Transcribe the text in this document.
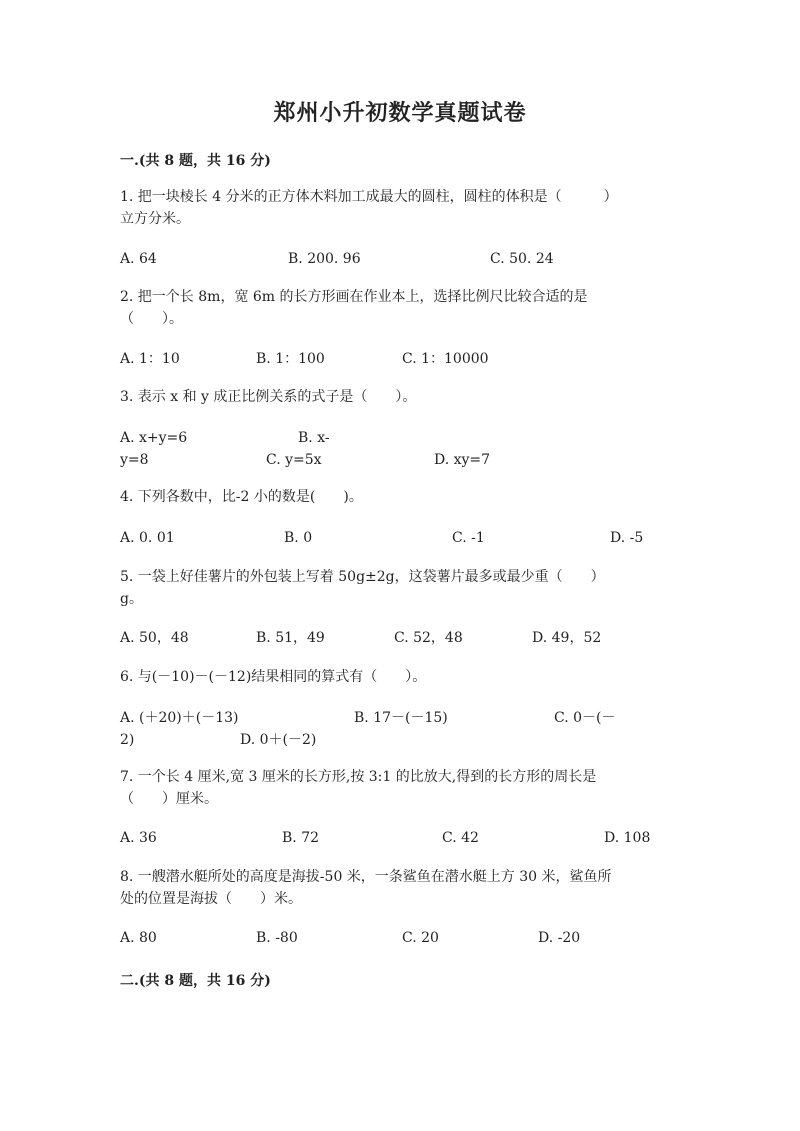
郑州小升初数学真题试卷
一.(共 8 题，共 16 分)
1. 把一块棱长 4 分米的正方体木料加工成最大的圆柱，圆柱的体积是（　　　）
立方分米。
A. 64	B. 200. 96	C. 50. 24
2. 把一个长 8m，宽 6m 的长方形画在作业本上，选择比例尺比较合适的是
（　　）。
A. 1：10	B. 1：100	C. 1：10000
3. 表示 x 和 y 成正比例关系的式子是（　　）。
A. x+y=6	B. x-
y=8	C. y=5x	D. xy=7
4. 下列各数中，比-2 小的数是(　　)。
A. 0. 01	B. 0	C. -1	D. -5
5. 一袋上好佳薯片的外包装上写着 50g±2g，这袋薯片最多或最少重（　　）
g。
A. 50，48	B. 51，49	C. 52，48	D. 49，52
6. 与(－10)－(－12)结果相同的算式有（　　）。
A. (＋20)＋(－13)	B. 17－(－15)	C. 0－(－
2)	D. 0＋(－2)
7. 一个长 4 厘米,宽 3 厘米的长方形,按 3:1 的比放大,得到的长方形的周长是
（　　）厘米。
A. 36	B. 72	C. 42	D. 108
8. 一艘潜水艇所处的高度是海拔-50 米，一条鲨鱼在潜水艇上方 30 米，鲨鱼所
处的位置是海拔（　　）米。
A. 80	B. -80	C. 20	D. -20
二.(共 8 题，共 16 分)
